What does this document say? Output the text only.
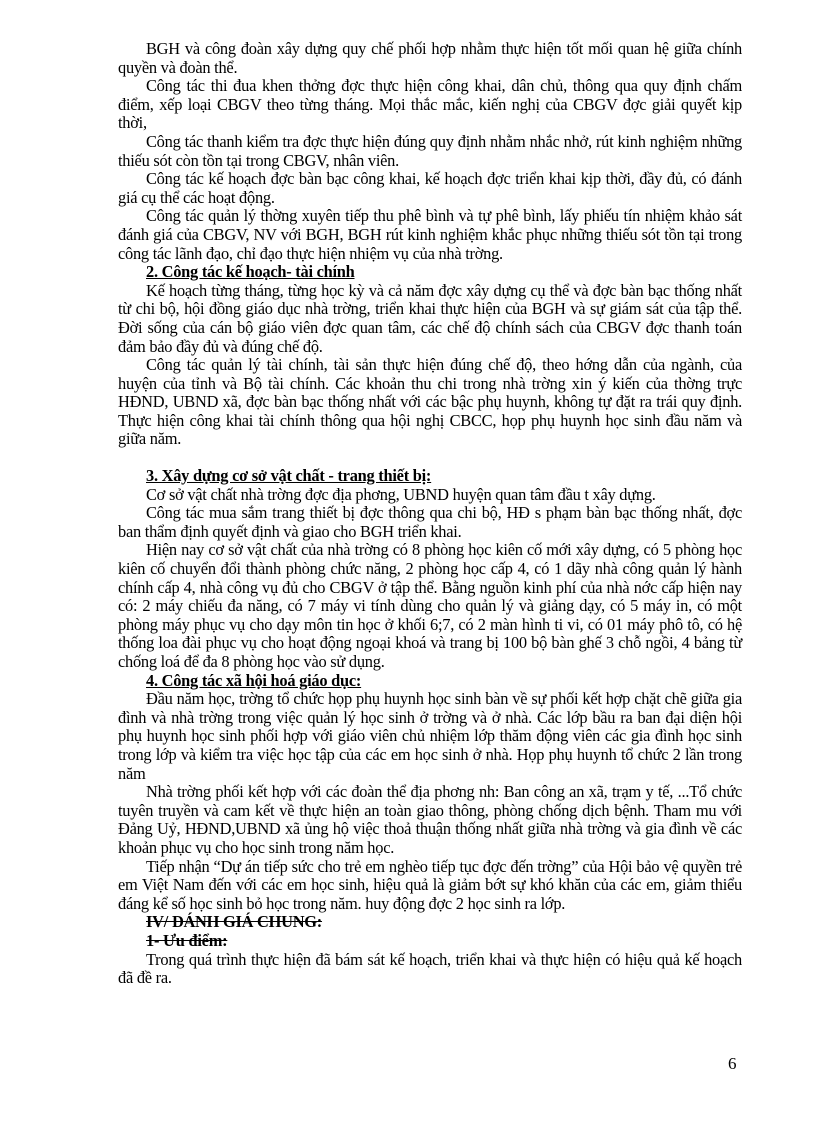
BGH và công đoàn xây dựng quy chế phối hợp nhằm thực hiện tốt mối quan hệ giữa chính quyền và đoàn thể.

Công tác thi đua khen thởng đợc thực hiện công khai, dân chủ, thông qua quy định chấm điểm, xếp loại CBGV theo từng tháng. Mọi thắc mắc, kiến nghị của CBGV đợc giải quyết kịp thời,

Công tác thanh kiểm tra đợc thực hiện đúng quy định nhằm nhắc nhở, rút kinh nghiệm những thiếu sót còn tồn tại trong CBGV, nhân viên.

Công tác kế hoạch đợc bàn bạc công khai, kế hoạch đợc triển khai kịp thời, đầy đủ, có đánh giá cụ thể các hoạt động.

Công tác quản lý thờng xuyên tiếp thu phê bình và tự phê bình, lấy phiếu tín nhiệm khảo sát đánh giá của CBGV, NV với BGH, BGH rút kinh nghiệm khắc phục những thiếu sót tồn tại trong công tác lãnh đạo, chỉ đạo thực hiện nhiệm vụ của nhà trờng.

2. Công tác kế hoạch- tài chính

Kế hoạch từng tháng, từng học kỳ và cả năm đợc xây dựng cụ thể và đợc bàn bạc thống nhất từ chi bộ, hội đồng giáo dục nhà trờng, triển khai thực hiện của BGH và sự giám sát của tập thể. Đời sống của cán bộ giáo viên đợc quan tâm, các chế độ chính sách của CBGV đợc thanh toán đảm bảo đầy đủ và đúng chế độ.

Công tác quản lý tài chính, tài sản thực hiện đúng chế độ, theo hớng dẫn của ngành, của huyện của tỉnh và Bộ tài chính. Các khoản thu chi trong nhà trờng xin ý kiến của thờng trực HĐND, UBND xã, đợc bàn bạc thống nhất với các bậc phụ huynh, không tự đặt ra trái quy định. Thực hiện công khai tài chính thông qua hội nghị CBCC, họp phụ huynh học sinh đầu năm và giữa năm.

3. Xây dựng cơ sở vật chất - trang thiết bị:

Cơ sở vật chất nhà trờng đợc địa phơng, UBND huyện quan tâm đầu t xây dựng.

Công tác mua sắm trang thiết bị đợc thông qua chi bộ, HĐ s phạm bàn bạc thống nhất, đợc ban thẩm định quyết định và giao cho BGH triển khai.

Hiện nay cơ sở vật chất của nhà trờng có 8 phòng học kiên cố mới xây dựng, có 5 phòng học kiên cố chuyển đổi thành phòng chức năng, 2 phòng học cấp 4, có 1 dãy nhà công quản lý hành chính cấp 4, nhà công vụ đủ cho CBGV ở tập thể. Bằng nguồn kinh phí của nhà nớc cấp hiện nay có: 2 máy chiếu đa năng, có 7 máy vi tính dùng cho quản lý và giảng dạy, có 5 máy in, có một phòng máy phục vụ cho dạy môn tin học ở khối 6;7, có 2 màn hình ti vi, có 01 máy phô tô, có hệ thống loa đài phục vụ cho hoạt động ngoại khoá và trang bị 100 bộ bàn ghế 3 chỗ ngồi, 4 bảng từ chống loá để đa 8 phòng học vào sử dụng.

4. Công tác xã hội hoá giáo dục:

Đầu năm học, trờng tổ chức họp phụ huynh học sinh bàn về sự phối kết hợp chặt chẽ giữa gia đình và nhà trờng trong việc quản lý học sinh ở trờng và ở nhà. Các lớp bầu ra ban đại diện hội phụ huynh học sinh phối hợp với giáo viên chủ nhiệm lớp thăm động viên các gia đình học sinh trong lớp và kiểm tra việc học tập của các em học sinh ở nhà. Họp phụ huynh tổ chức 2 lần trong năm

Nhà trờng phối kết hợp với các đoàn thể địa phơng nh: Ban công an xã, trạm y tế, ...Tổ chức tuyên truyền và cam kết về thực hiện an toàn giao thông, phòng chống dịch bệnh. Tham mu với Đảng Uỷ, HĐND,UBND xã ủng hộ việc thoả thuận thống nhất giữa nhà trờng và gia đình về các khoản phục vụ cho học sinh trong năm học.

Tiếp nhận “Dự án tiếp sức cho trẻ em nghèo tiếp tục đợc đến trờng” của Hội bảo vệ quyền trẻ em Việt Nam đến với các em học sinh, hiệu quả là giảm bớt sự khó khăn của các em, giảm thiểu đáng kể số học sinh bỏ học trong năm. huy động đợc 2 học sinh ra lớp.

IV/ ĐÁNH GIÁ CHUNG:
1- Ưu điểm:

Trong quá trình thực hiện đã bám sát kế hoạch, triển khai và thực hiện có hiệu quả kế hoạch đã đề ra.

6
